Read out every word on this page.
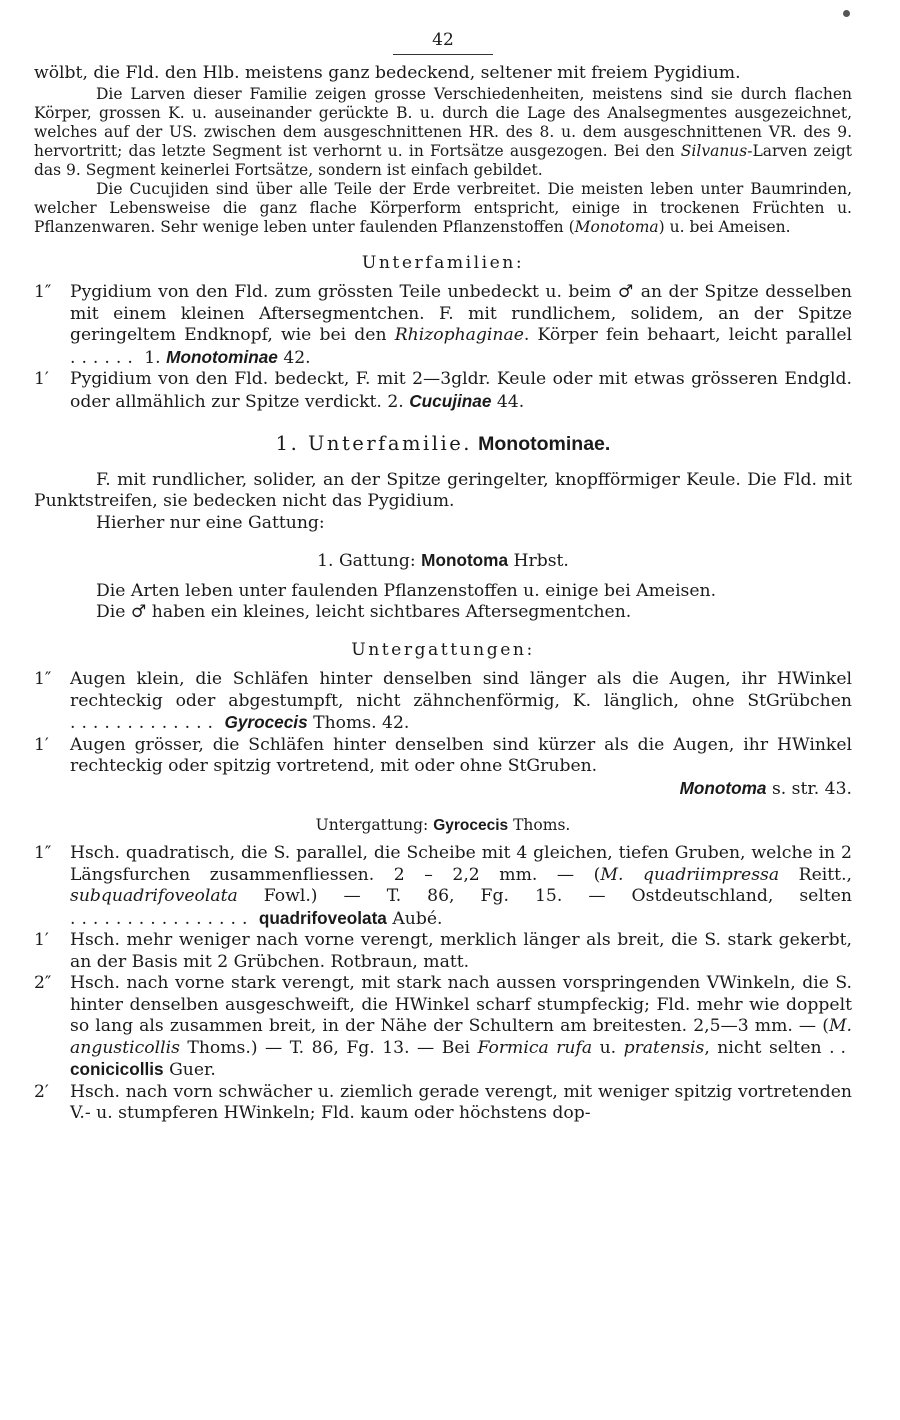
42

wölbt, die Fld. den Hlb. meistens ganz bedeckend, seltener mit freiem Pygidium.

Die Larven dieser Familie zeigen grosse Verschiedenheiten, meistens sind sie durch flachen Körper, grossen K. u. auseinander gerückte B. u. durch die Lage des Analsegmentes ausgezeichnet, welches auf der US. zwischen dem ausgeschnittenen HR. des 8. u. dem ausgeschnittenen VR. des 9. hervortritt; das letzte Segment ist verhornt u. in Fortsätze ausgezogen. Bei den Silvanus-Larven zeigt das 9. Segment keinerlei Fortsätze, sondern ist einfach gebildet.

Die Cucujiden sind über alle Teile der Erde verbreitet. Die meisten leben unter Baumrinden, welcher Lebensweise die ganz flache Körperform entspricht, einige in trockenen Früchten u. Pflanzenwaren. Sehr wenige leben unter faulenden Pflanzenstoffen (Monotoma) u. bei Ameisen.

Unterfamilien:
1″ Pygidium von den Fld. zum grössten Teile unbedeckt u. beim ♂ an der Spitze desselben mit einem kleinen Aftersegmentchen. F. mit rundlichem, solidem, an der Spitze geringeltem Endknopf, wie bei den Rhizophaginae. Körper fein behaart, leicht parallel ...... 1. Monotominae 42.
1′ Pygidium von den Fld. bedeckt, F. mit 2—3gldr. Keule oder mit etwas grösseren Endgld. oder allmählich zur Spitze verdickt. 2. Cucujinae 44.
1. Unterfamilie. Monotominae.

F. mit rundlicher, solider, an der Spitze geringelter, knopfförmiger Keule. Die Fld. mit Punktstreifen, sie bedecken nicht das Pygidium.

Hierher nur eine Gattung:

1. Gattung: Monotoma Hrbst.

Die Arten leben unter faulenden Pflanzenstoffen u. einige bei Ameisen.

Die ♂ haben ein kleines, leicht sichtbares Aftersegmentchen.

Untergattungen:
1″ Augen klein, die Schläfen hinter denselben sind länger als die Augen, ihr HWinkel rechteckig oder abgestumpft, nicht zähnchenförmig, K. länglich, ohne StGrübchen ............. Gyrocecis Thoms. 42.
1′ Augen grösser, die Schläfen hinter denselben sind kürzer als die Augen, ihr HWinkel rechteckig oder spitzig vortretend, mit oder ohne StGruben.
Monotoma s. str. 43.
Untergattung: Gyrocecis Thoms.
1″ Hsch. quadratisch, die S. parallel, die Scheibe mit 4 gleichen, tiefen Gruben, welche in 2 Längsfurchen zusammenfliessen. 2 – 2,2 mm. — (M. quadriimpressa Reitt., subquadrifoveolata Fowl.) — T. 86, Fg. 15. — Ostdeutschland, selten ................ quadrifoveolata Aubé.
1′ Hsch. mehr weniger nach vorne verengt, merklich länger als breit, die S. stark gekerbt, an der Basis mit 2 Grübchen. Rotbraun, matt.
2″ Hsch. nach vorne stark verengt, mit stark nach aussen vorspringenden VWinkeln, die S. hinter denselben ausgeschweift, die HWinkel scharf stumpfeckig; Fld. mehr wie doppelt so lang als zusammen breit, in der Nähe der Schultern am breitesten. 2,5—3 mm. — (M. angusticollis Thoms.) — T. 86, Fg. 13. — Bei Formica rufa u. pratensis, nicht selten .. conicicollis Guer.
2′ Hsch. nach vorn schwächer u. ziemlich gerade verengt, mit weniger spitzig vortretenden V.- u. stumpferen HWinkeln; Fld. kaum oder höchstens dop-
